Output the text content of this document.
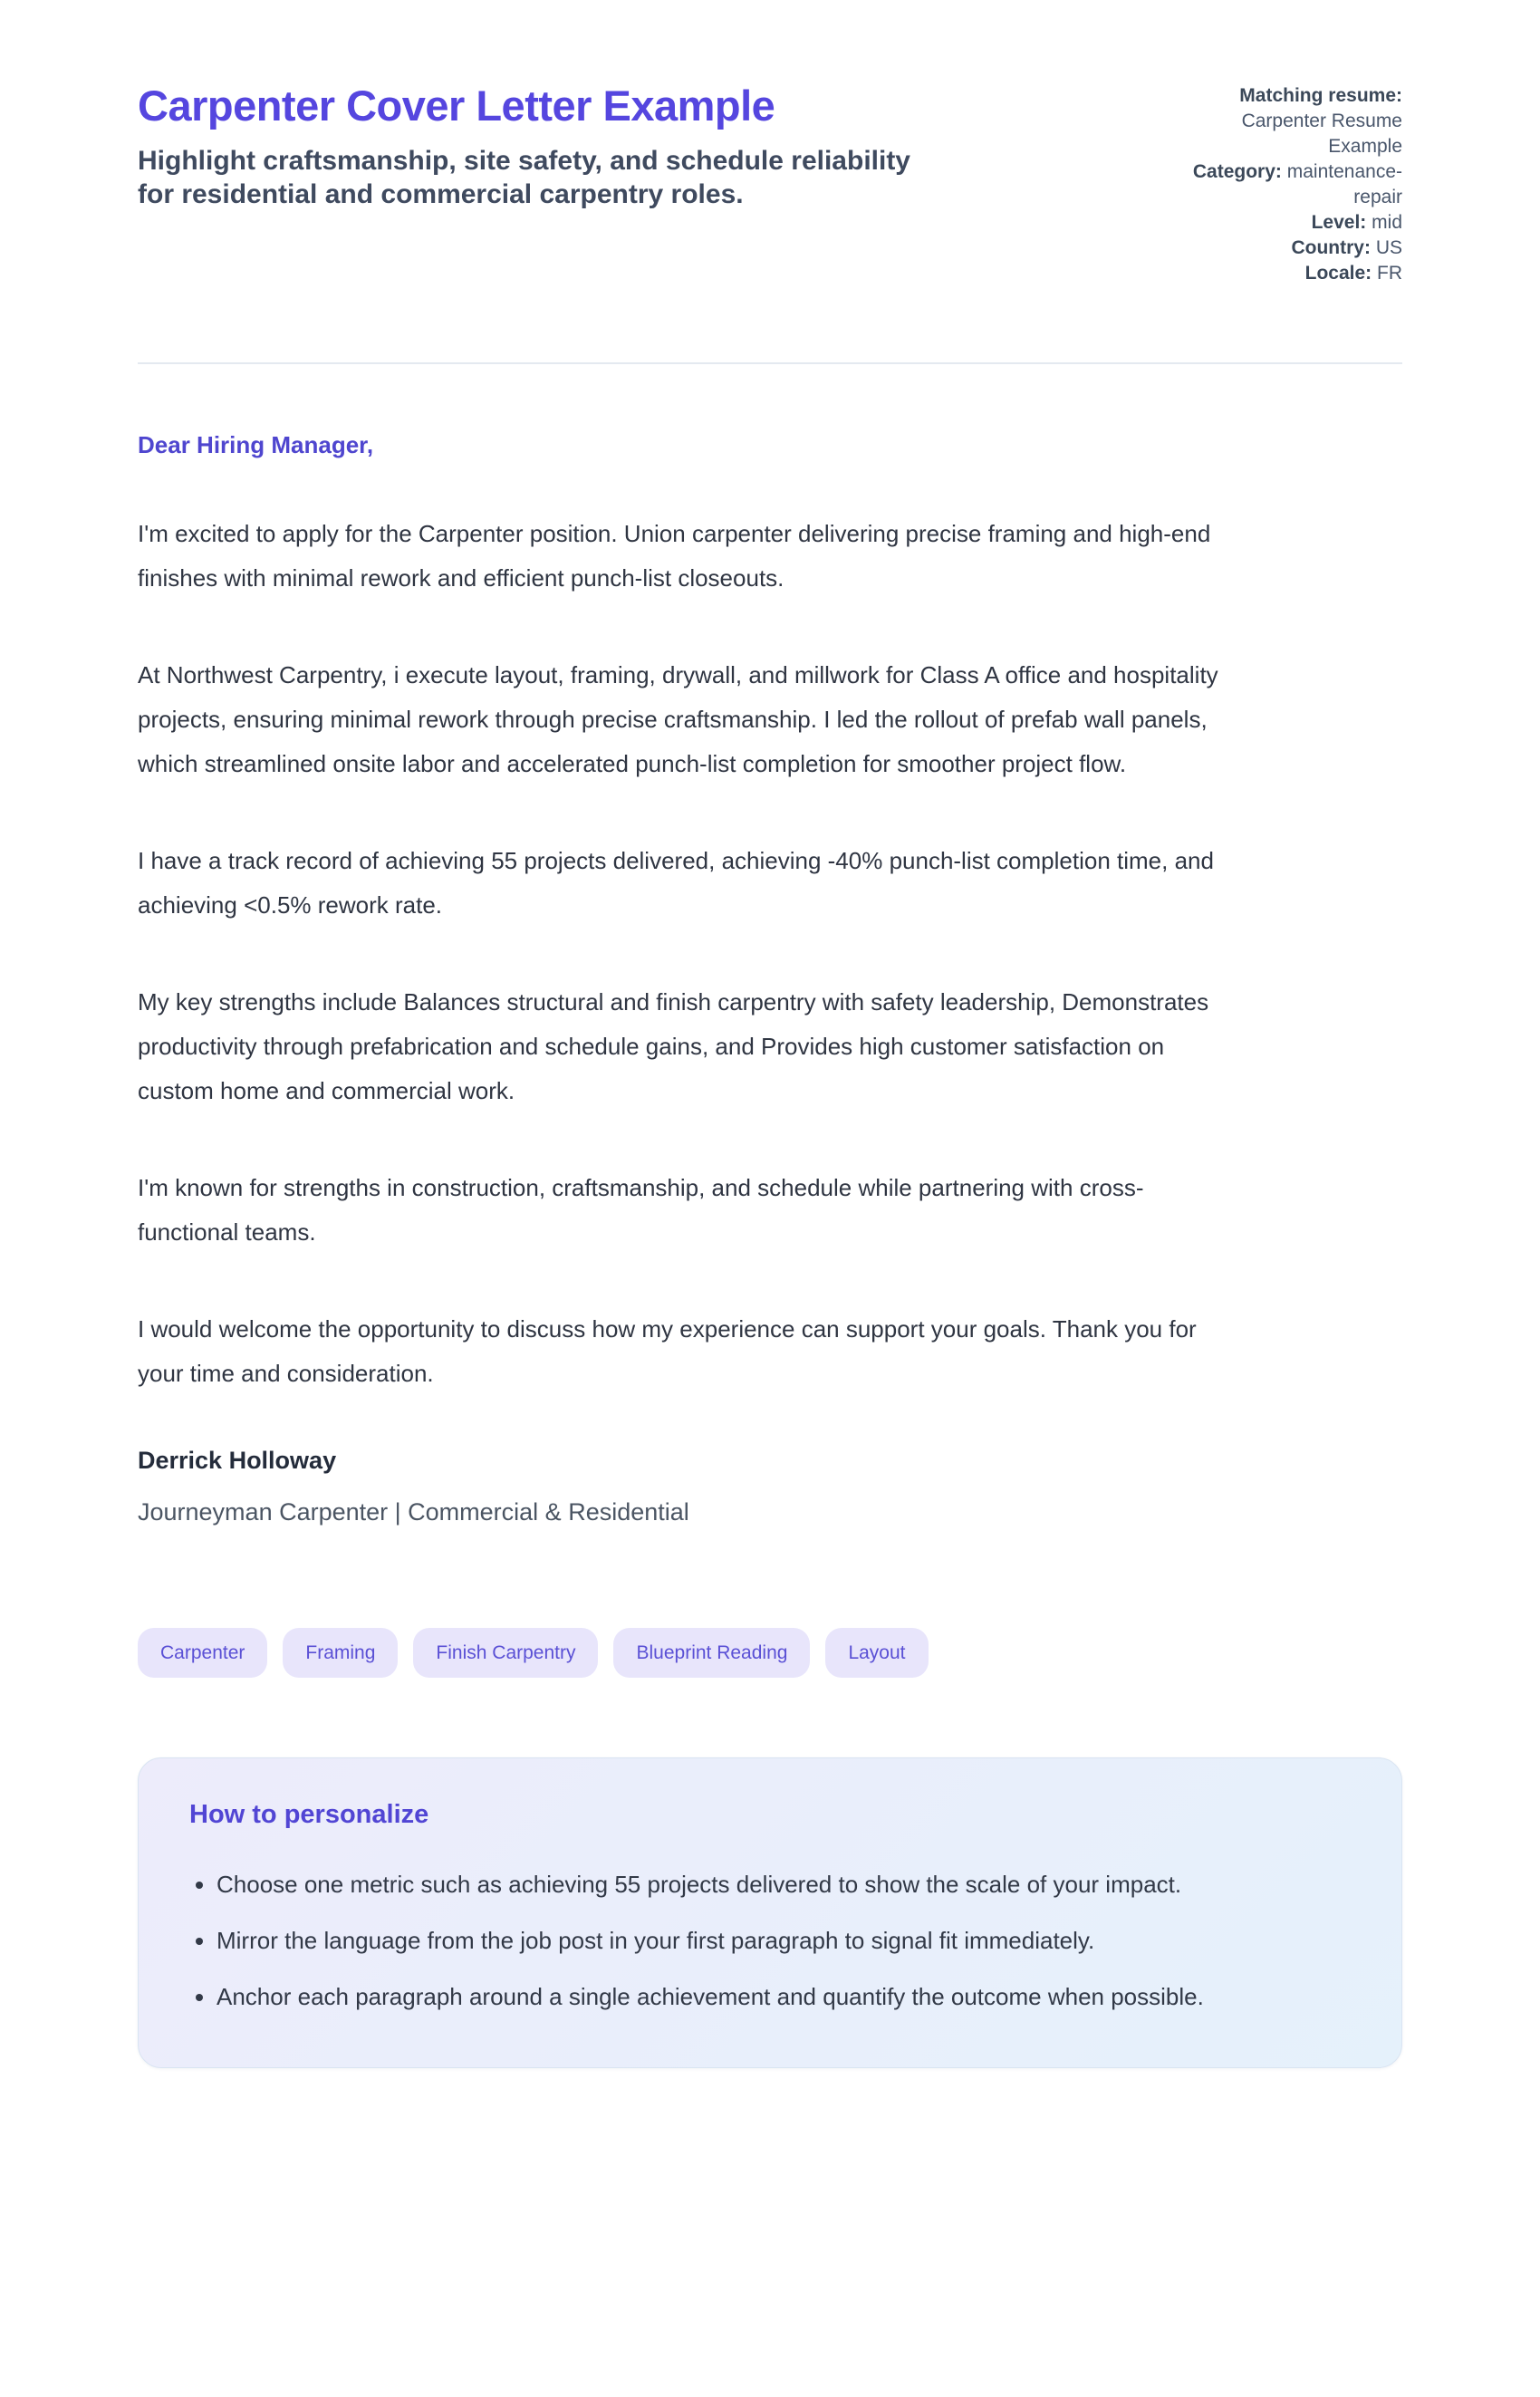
Carpenter Cover Letter Example
Highlight craftsmanship, site safety, and schedule reliability for residential and commercial carpentry roles.
Matching resume: Carpenter Resume Example
Category: maintenance-repair
Level: mid
Country: US
Locale: FR

Dear Hiring Manager,

I'm excited to apply for the Carpenter position. Union carpenter delivering precise framing and high-end finishes with minimal rework and efficient punch-list closeouts.

At Northwest Carpentry, i execute layout, framing, drywall, and millwork for Class A office and hospitality projects, ensuring minimal rework through precise craftsmanship. I led the rollout of prefab wall panels, which streamlined onsite labor and accelerated punch-list completion for smoother project flow.

I have a track record of achieving 55 projects delivered, achieving -40% punch-list completion time, and achieving <0.5% rework rate.

My key strengths include Balances structural and finish carpentry with safety leadership, Demonstrates productivity through prefabrication and schedule gains, and Provides high customer satisfaction on custom home and commercial work.

I'm known for strengths in construction, craftsmanship, and schedule while partnering with cross-functional teams.

I would welcome the opportunity to discuss how my experience can support your goals. Thank you for your time and consideration.

Derrick Holloway

Journeyman Carpenter | Commercial & Residential

Carpenter	Framing	Finish Carpentry	Blueprint Reading	Layout
How to personalize
• Choose one metric such as achieving 55 projects delivered to show the scale of your impact.
• Mirror the language from the job post in your first paragraph to signal fit immediately.
• Anchor each paragraph around a single achievement and quantify the outcome when possible.
